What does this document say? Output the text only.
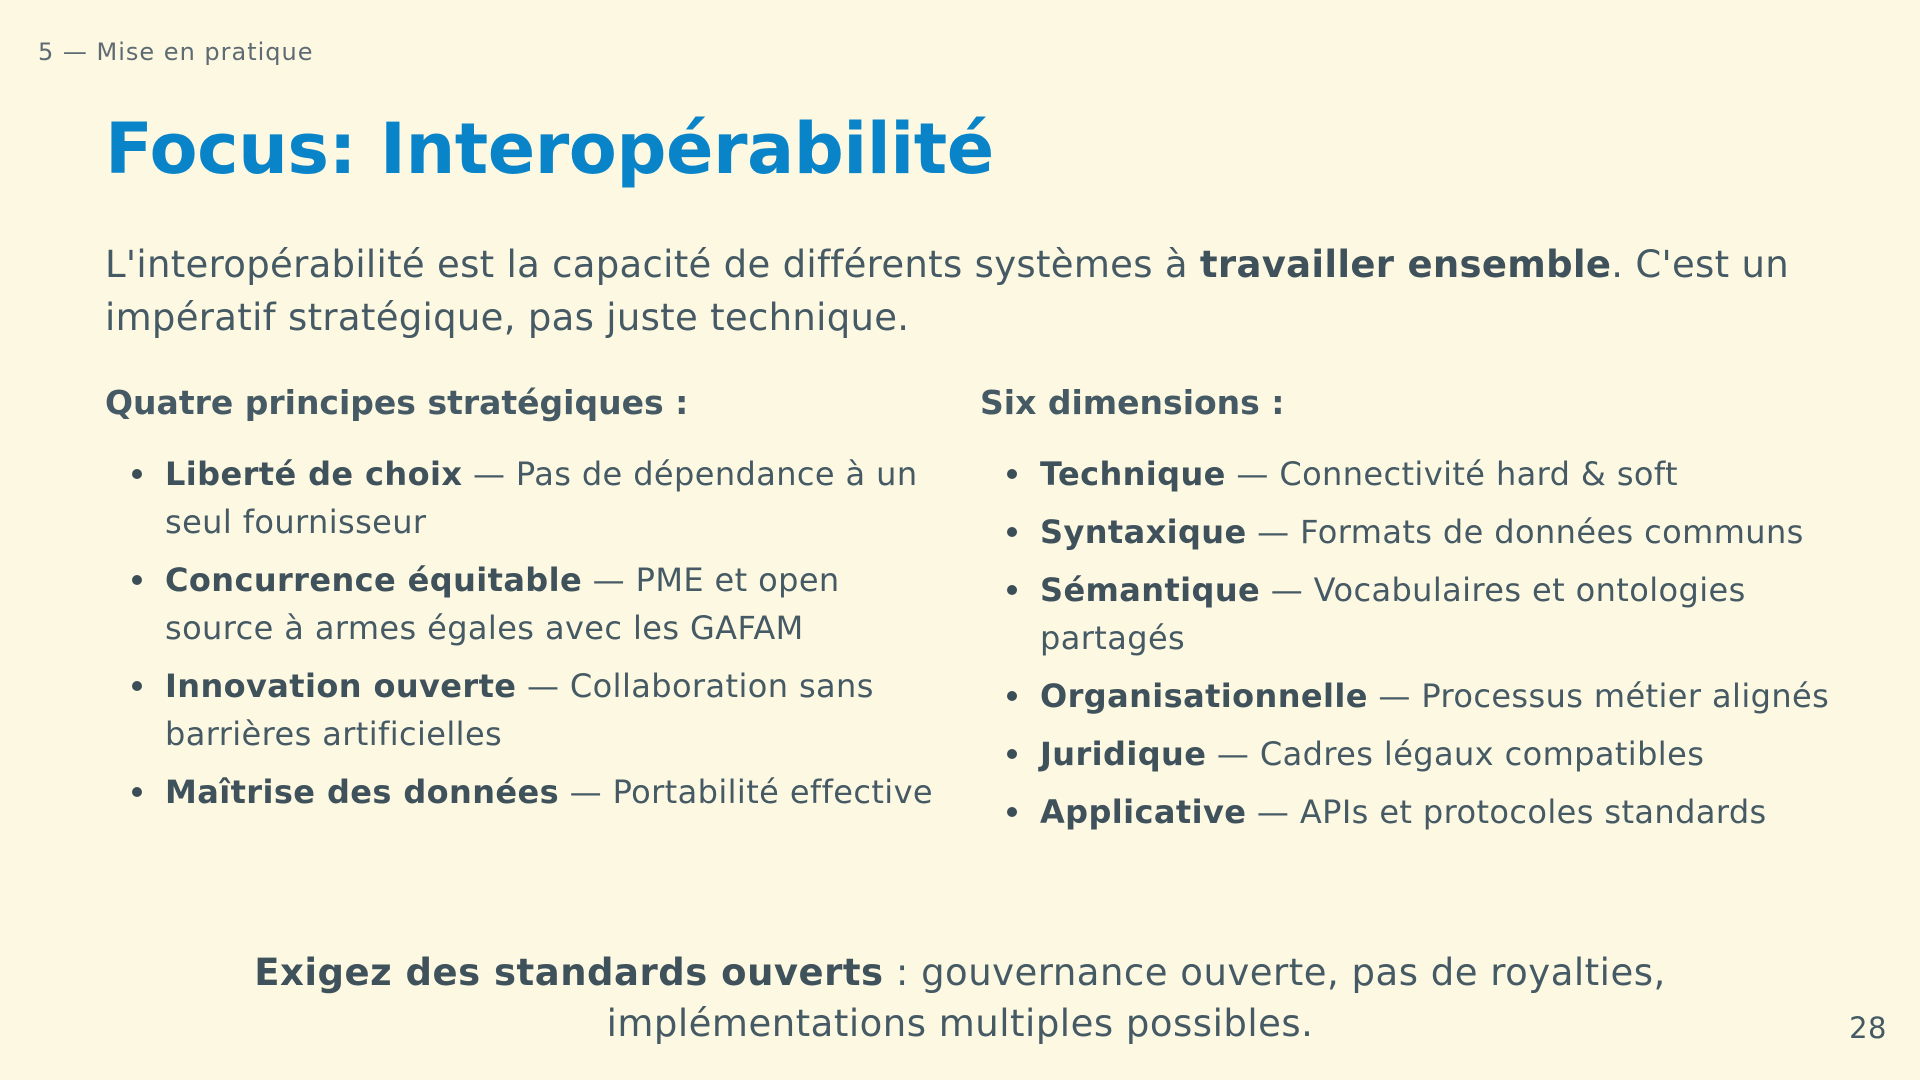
5 — Mise en pratique
Focus: Interopérabilité

L'interopérabilité est la capacité de différents systèmes à travailler ensemble. C'est un impératif stratégique, pas juste technique.

Quatre principes stratégiques :
Liberté de choix — Pas de dépendance à un seul fournisseur
Concurrence équitable — PME et open source à armes égales avec les GAFAM
Innovation ouverte — Collaboration sans barrières artificielles
Maîtrise des données — Portabilité effective
Six dimensions :
Technique — Connectivité hard & soft
Syntaxique — Formats de données communs
Sémantique — Vocabulaires et ontologies partagés
Organisationnelle — Processus métier alignés
Juridique — Cadres légaux compatibles
Applicative — APIs et protocoles standards

Exigez des standards ouverts : gouvernance ouverte, pas de royalties, implémentations multiples possibles.	28
